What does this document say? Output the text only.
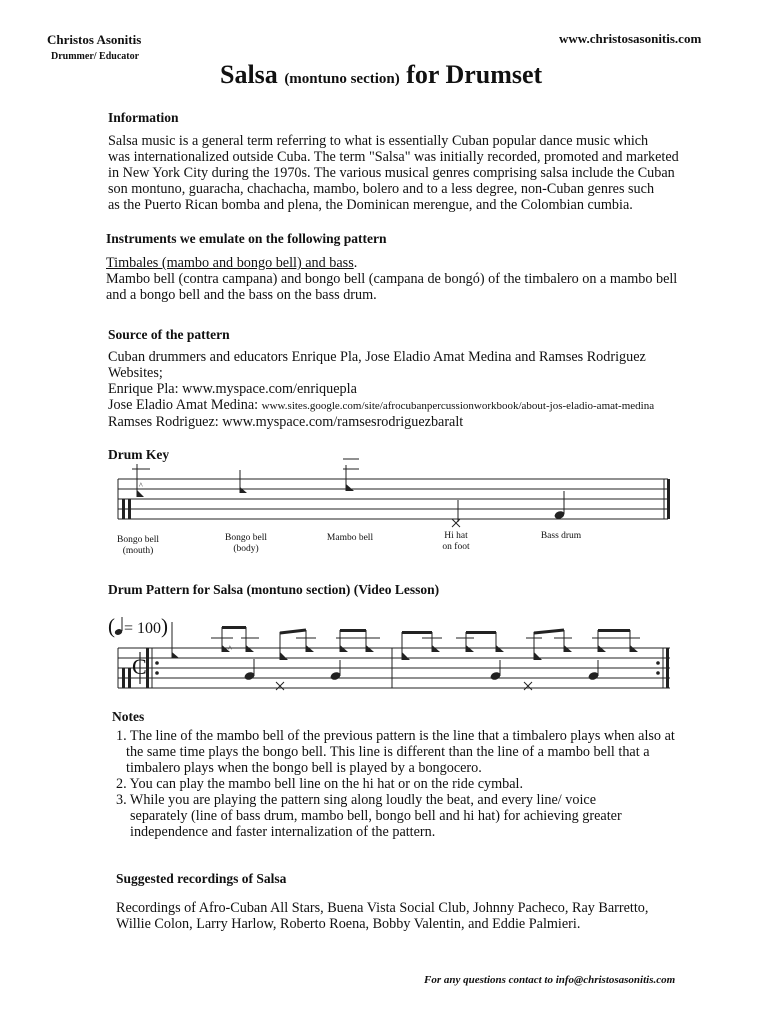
Christos Asonitis
Drummer/ Educator
www.christosasonitis.com
Salsa (montuno section) for Drumset
Information
Salsa music is a general term referring to what is essentially Cuban popular dance music which
was internationalized outside Cuba. The term "Salsa" was initially recorded, promoted and marketed
in New York City during the 1970s. The various musical genres comprising salsa include the Cuban
son montuno, guaracha, chachacha, mambo, bolero and to a less degree, non-Cuban genres such
as the Puerto Rican bomba and plena, the Dominican merengue, and the Colombian cumbia.
Instruments we emulate on the following pattern
Timbales (mambo and bongo bell) and bass.
Mambo bell (contra campana) and bongo bell (campana de bongó) of the timbalero on a mambo bell
and a bongo bell and the bass on the bass drum.
Source of the pattern
Cuban drummers and educators Enrique Pla, Jose Eladio Amat Medina and Ramses Rodriguez
Websites;
Enrique Pla: www.myspace.com/enriquepla
Jose Eladio Amat Medina: www.sites.google.com/site/afrocubanpercussionworkbook/about-jos-eladio-amat-medina
Ramses Rodriguez: www.myspace.com/ramsesrodriguezbaralt
Drum Key
^
Bongo bell
(mouth)
Bongo bell
(body)
Mambo bell	Hi hat
on foot
Bass drum
Drum Pattern for Salsa (montuno section) (Video Lesson)
( = 100)
C
^
Notes
1. The line of the mambo bell of the previous pattern is the line that a timbalero plays when also at
the same time plays the bongo bell. This line is different than the line of a mambo bell that a
timbalero plays when the bongo bell is played by a bongocero.
2. You can play the mambo bell line on the hi hat or on the ride cymbal.
3. While you are playing the pattern sing along loudly the beat, and every line/ voice
separately (line of bass drum, mambo bell, bongo bell and hi hat) for achieving greater
independence and faster internalization of the pattern.
Suggested recordings of Salsa
Recordings of Afro-Cuban All Stars, Buena Vista Social Club, Johnny Pacheco, Ray Barretto,
Willie Colon, Larry Harlow, Roberto Roena, Bobby Valentin, and Eddie Palmieri.
For any questions contact to info@christosasonitis.com
